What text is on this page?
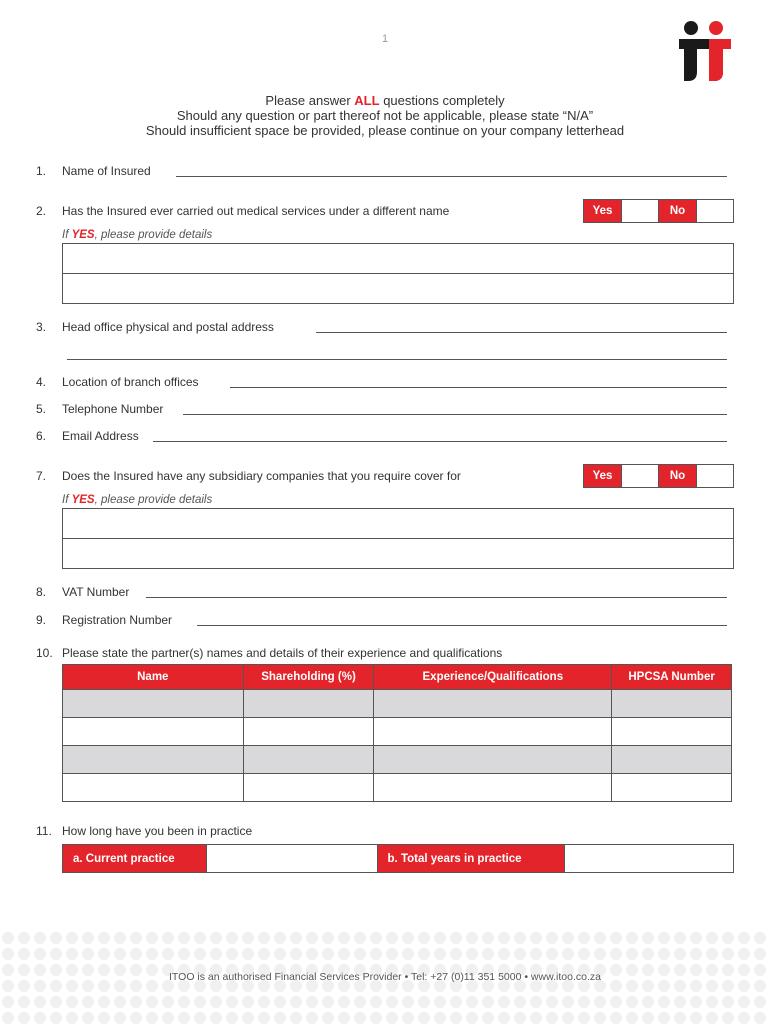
1
Please answer ALL questions completely
Should any question or part thereof not be applicable, please state “N/A”
Should insufficient space be provided, please continue on your company letterhead
1. Name of Insured
2. Has the Insured ever carried out medical services under a different name	Yes	No
If YES, please provide details
3. Head office physical and postal address
4. Location of branch offices
5. Telephone Number
6. Email Address
7. Does the Insured have any subsidiary companies that you require cover for	Yes	No
If YES, please provide details
8. VAT Number
9. Registration Number
10. Please state the partner(s) names and details of their experience and qualifications
Name	Shareholding (%)	Experience/Qualifications	HPCSA Number

11. How long have you been in practice
a. Current practice	b. Total years in practice
ITOO is an authorised Financial Services Provider • Tel: +27 (0)11 351 5000 • www.itoo.co.za
